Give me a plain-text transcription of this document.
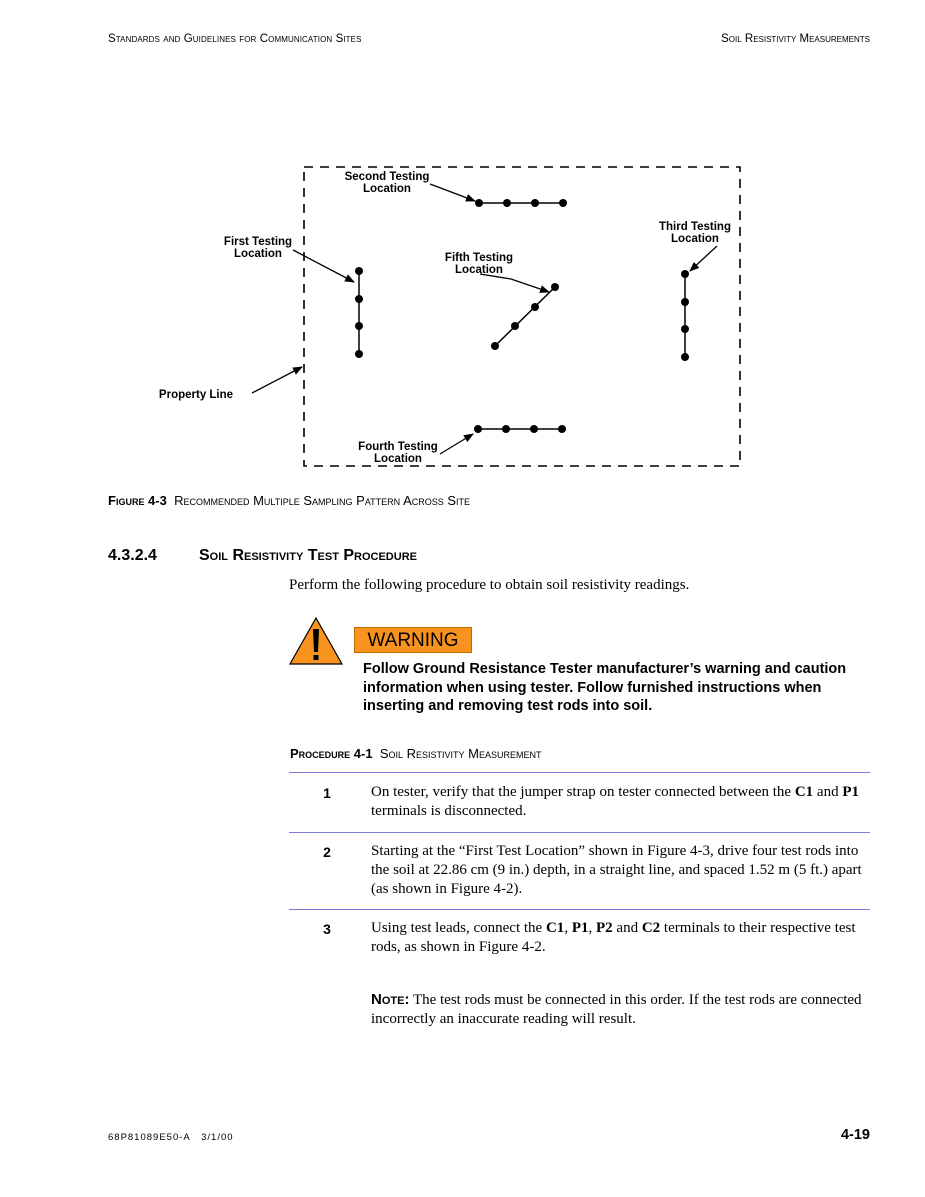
Standards and Guidelines for Communication Sites	Soil Resistivity Measurements
Second Testing
Location
First Testing
Location
Third Testing
Location
Fifth Testing
Location
Property Line
Fourth Testing
Location
Figure 4-3 Recommended Multiple Sampling Pattern Across Site
4.3.2.4	Soil Resistivity Test Procedure
Perform the following procedure to obtain soil resistivity readings.
WARNING
Follow Ground Resistance Tester manufacturer’s warning and caution information when using tester. Follow furnished instructions when inserting and removing test rods into soil.
Procedure 4-1 Soil Resistivity Measurement
1	On tester, verify that the jumper strap on tester connected between the C1 and P1 terminals is disconnected.
2	Starting at the “First Test Location” shown in Figure 4-3, drive four test rods into the soil at 22.86 cm (9 in.) depth, in a straight line, and spaced 1.52 m (5 ft.) apart (as shown in Figure 4-2).
3	Using test leads, connect the C1, P1, P2 and C2 terminals to their respective test rods, as shown in Figure 4-2.
Note: The test rods must be connected in this order. If the test rods are connected incorrectly an inaccurate reading will result.
68P81089E50-A   3/1/00	4-19
